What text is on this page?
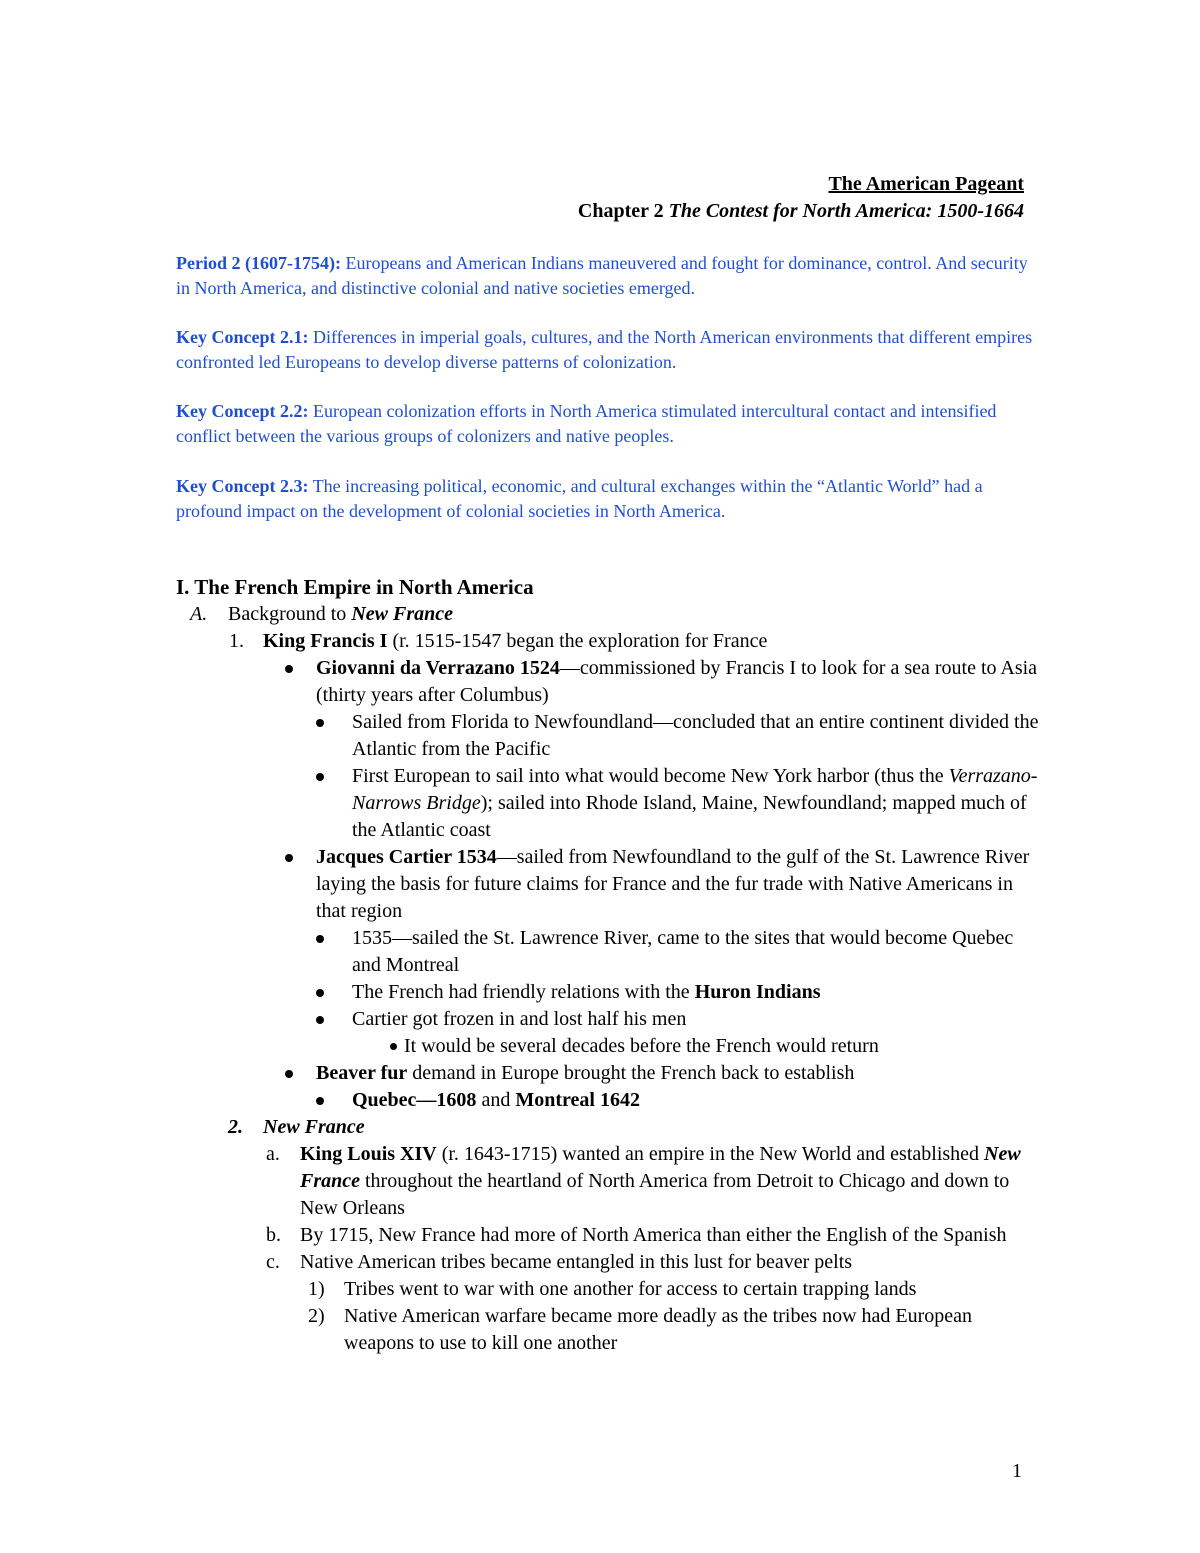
The American Pageant
Chapter 2 The Contest for North America: 1500-1664
Period 2 (1607-1754): Europeans and American Indians maneuvered and fought for dominance, control. And security in North America, and distinctive colonial and native societies emerged.
Key Concept 2.1: Differences in imperial goals, cultures, and the North American environments that different empires confronted led Europeans to develop diverse patterns of colonization.
Key Concept 2.2: European colonization efforts in North America stimulated intercultural contact and intensified conflict between the various groups of colonizers and native peoples.
Key Concept 2.3: The increasing political, economic, and cultural exchanges within the “Atlantic World” had a profound impact on the development of colonial societies in North America.
I. The French Empire in North America
A. Background to New France
1. King Francis I (r. 1515-1547 began the exploration for France
Giovanni da Verrazano 1524—commissioned by Francis I to look for a sea route to Asia (thirty years after Columbus)
Sailed from Florida to Newfoundland—concluded that an entire continent divided the Atlantic from the Pacific
First European to sail into what would become New York harbor (thus the Verrazano-Narrows Bridge); sailed into Rhode Island, Maine, Newfoundland; mapped much of the Atlantic coast
Jacques Cartier 1534—sailed from Newfoundland to the gulf of the St. Lawrence River laying the basis for future claims for France and the fur trade with Native Americans in that region
1535—sailed the St. Lawrence River, came to the sites that would become Quebec and Montreal
The French had friendly relations with the Huron Indians
Cartier got frozen in and lost half his men
It would be several decades before the French would return
Beaver fur demand in Europe brought the French back to establish
Quebec—1608 and Montreal 1642
2. New France
a. King Louis XIV (r. 1643-1715) wanted an empire in the New World and established New France throughout the heartland of North America from Detroit to Chicago and down to New Orleans
b. By 1715, New France had more of North America than either the English of the Spanish
c. Native American tribes became entangled in this lust for beaver pelts
1) Tribes went to war with one another for access to certain trapping lands
2) Native American warfare became more deadly as the tribes now had European weapons to use to kill one another
1
